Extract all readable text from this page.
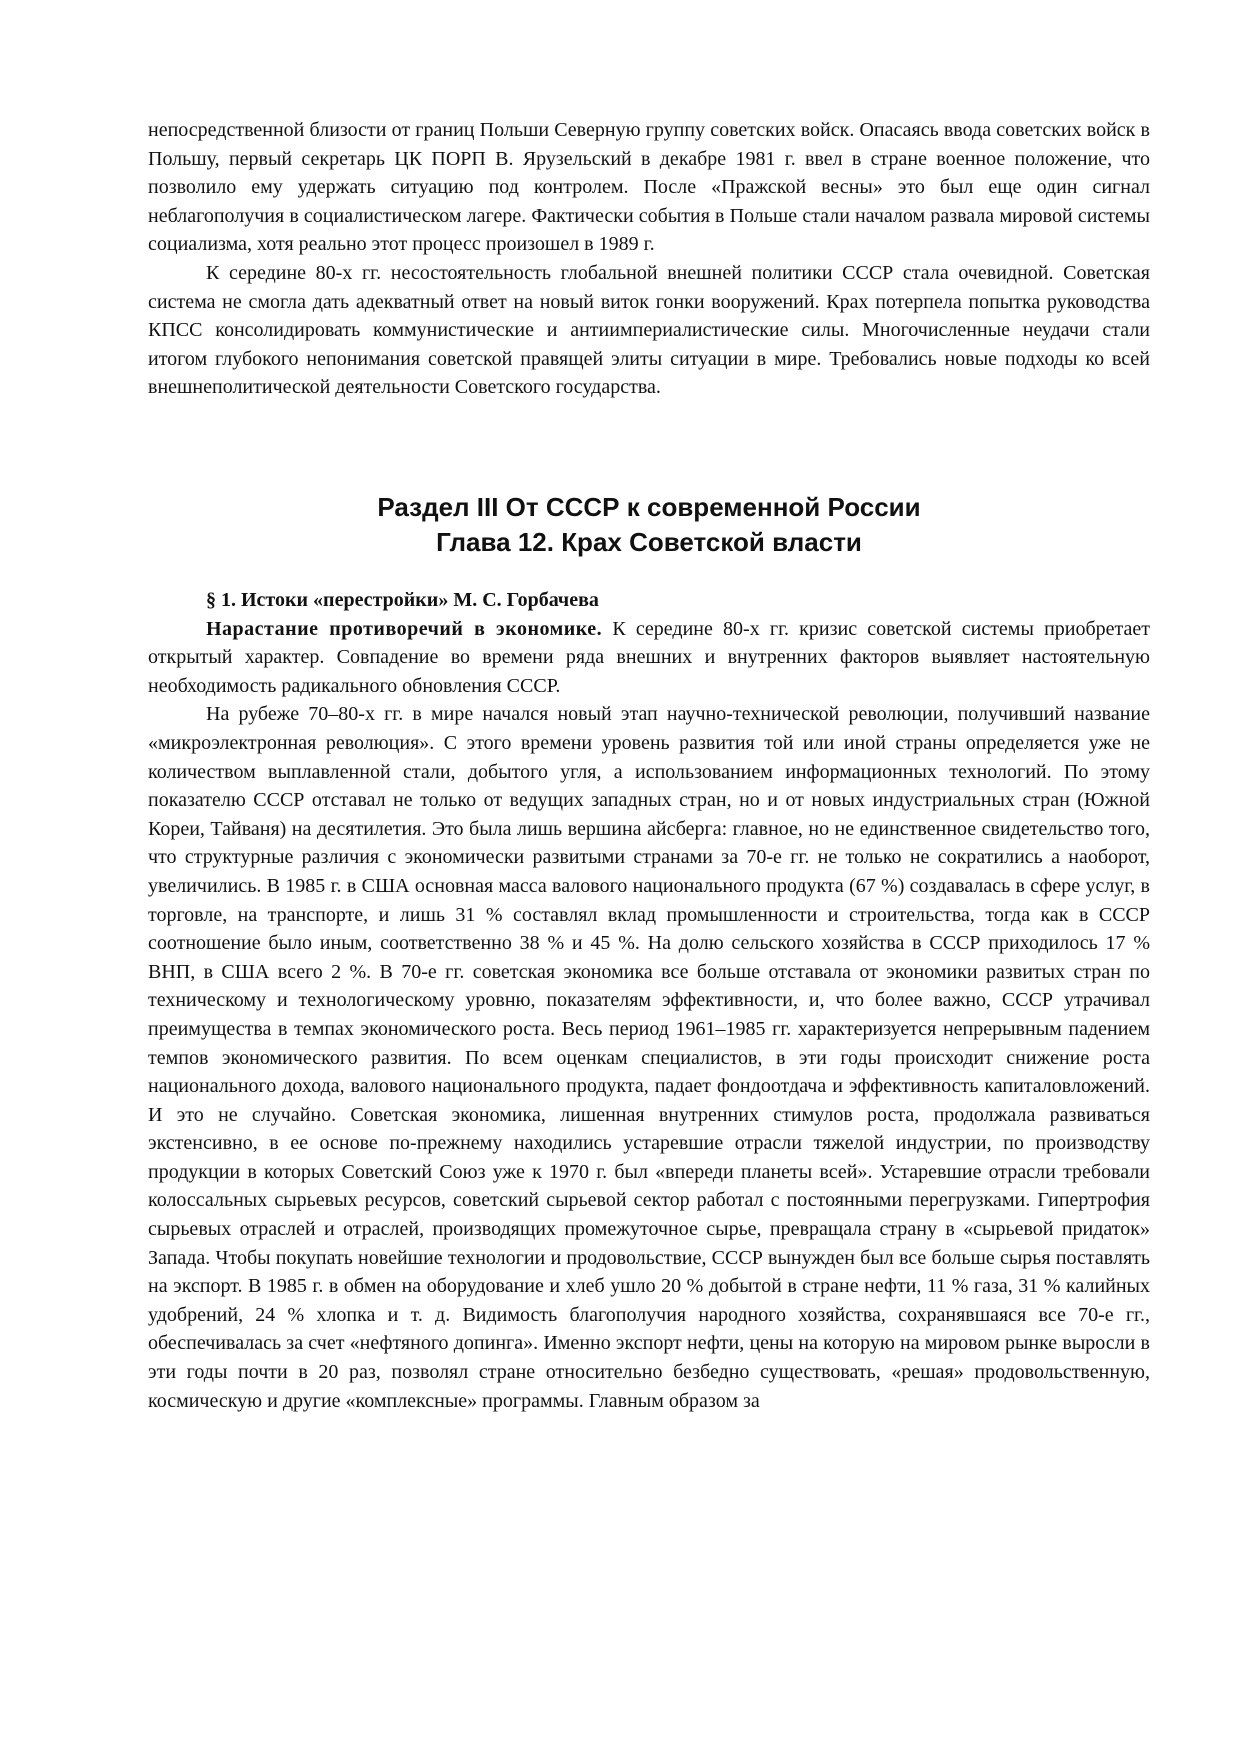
непосредственной близости от границ Польши Северную группу советских войск. Опасаясь ввода советских войск в Польшу, первый секретарь ЦК ПОРП В. Ярузельский в декабре 1981 г. ввел в стране военное положение, что позволило ему удержать ситуацию под контролем. После «Пражской весны» это был еще один сигнал неблагополучия в социалистическом лагере. Фактически события в Польше стали началом развала мировой системы социализма, хотя реально этот процесс произошел в 1989 г.

К середине 80-х гг. несостоятельность глобальной внешней политики СССР стала очевидной. Советская система не смогла дать адекватный ответ на новый виток гонки вооружений. Крах потерпела попытка руководства КПСС консолидировать коммунистические и антиимпериалистические силы. Многочисленные неудачи стали итогом глубокого непонимания советской правящей элиты ситуации в мире. Требовались новые подходы ко всей внешнеполитической деятельности Советского государства.

Раздел III От СССР к современной России
Глава 12. Крах Советской власти

§ 1. Истоки «перестройки» М. С. Горбачева

Нарастание противоречий в экономике. К середине 80-х гг. кризис советской системы приобретает открытый характер. Совпадение во времени ряда внешних и внутренних факторов выявляет настоятельную необходимость радикального обновления СССР.

На рубеже 70–80-х гг. в мире начался новый этап научно-технической революции, получивший название «микроэлектронная революция». С этого времени уровень развития той или иной страны определяется уже не количеством выплавленной стали, добытого угля, а использованием информационных технологий. По этому показателю СССР отставал не только от ведущих западных стран, но и от новых индустриальных стран (Южной Кореи, Тайваня) на десятилетия. Это была лишь вершина айсберга: главное, но не единственное свидетельство того, что структурные различия с экономически развитыми странами за 70-е гг. не только не сократились а наоборот, увеличились. В 1985 г. в США основная масса валового национального продукта (67 %) создавалась в сфере услуг, в торговле, на транспорте, и лишь 31 % составлял вклад промышленности и строительства, тогда как в СССР соотношение было иным, соответственно 38 % и 45 %. На долю сельского хозяйства в СССР приходилось 17 % ВНП, в США всего 2 %. В 70-е гг. советская экономика все больше отставала от экономики развитых стран по техническому и технологическому уровню, показателям эффективности, и, что более важно, СССР утрачивал преимущества в темпах экономического роста. Весь период 1961–1985 гг. характеризуется непрерывным падением темпов экономического развития. По всем оценкам специалистов, в эти годы происходит снижение роста национального дохода, валового национального продукта, падает фондоотдача и эффективность капиталовложений. И это не случайно. Советская экономика, лишенная внутренних стимулов роста, продолжала развиваться экстенсивно, в ее основе по-прежнему находились устаревшие отрасли тяжелой индустрии, по производству продукции в которых Советский Союз уже к 1970 г. был «впереди планеты всей». Устаревшие отрасли требовали колоссальных сырьевых ресурсов, советский сырьевой сектор работал с постоянными перегрузками. Гипертрофия сырьевых отраслей и отраслей, производящих промежуточное сырье, превращала страну в «сырьевой придаток» Запада. Чтобы покупать новейшие технологии и продовольствие, СССР вынужден был все больше сырья поставлять на экспорт. В 1985 г. в обмен на оборудование и хлеб ушло 20 % добытой в стране нефти, 11 % газа, 31 % калийных удобрений, 24 % хлопка и т. д. Видимость благополучия народного хозяйства, сохранявшаяся все 70-е гг., обеспечивалась за счет «нефтяного допинга». Именно экспорт нефти, цены на которую на мировом рынке выросли в эти годы почти в 20 раз, позволял стране относительно безбедно существовать, «решая» продовольственную, космическую и другие «комплексные» программы. Главным образом за
